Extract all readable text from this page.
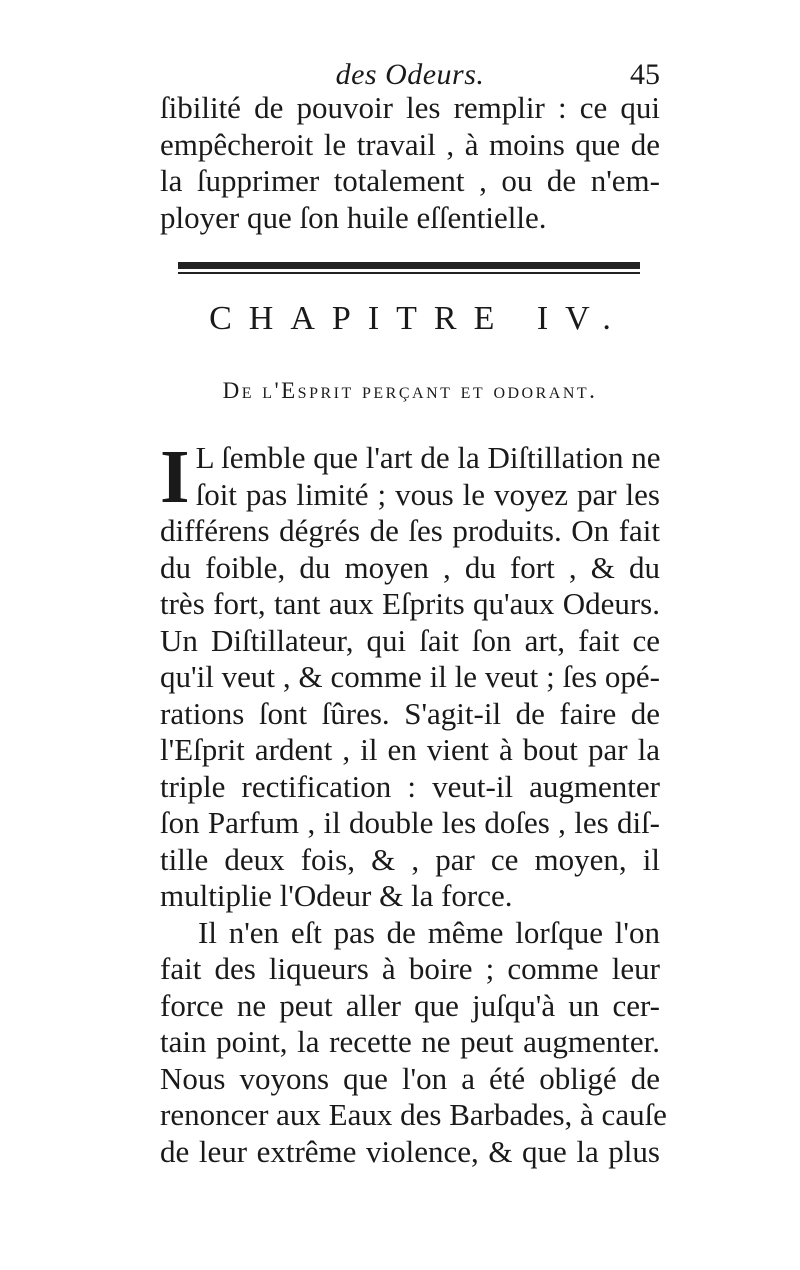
des Odeurs.	45
ſibilité de pouvoir les remplir : ce qui
empêcheroit le travail , à moins que de
la ſupprimer totalement , ou de n'em-
ployer que ſon huile eſſentielle.
CHAPITRE IV.
De l'Esprit perçant et odorant.
I L ſemble que l'art de la Diſtillation ne
ſoit pas limité ; vous le voyez par les
différens dégrés de ſes produits. On fait
du foible, du moyen , du fort , & du
très fort, tant aux Eſprits qu'aux Odeurs.
Un Diſtillateur, qui ſait ſon art, fait ce
qu'il veut , & comme il le veut ; ſes opé-
rations ſont ſûres. S'agit-il de faire de
l'Eſprit ardent , il en vient à bout par la
triple rectification : veut-il augmenter
ſon Parfum , il double les doſes , les diſ-
tille deux fois, & , par ce moyen, il
multiplie l'Odeur & la force.
Il n'en eſt pas de même lorſque l'on
fait des liqueurs à boire ; comme leur
force ne peut aller que juſqu'à un cer-
tain point, la recette ne peut augmenter.
Nous voyons que l'on a été obligé de
renoncer aux Eaux des Barbades, à cauſe
de leur extrême violence, & que la plus
